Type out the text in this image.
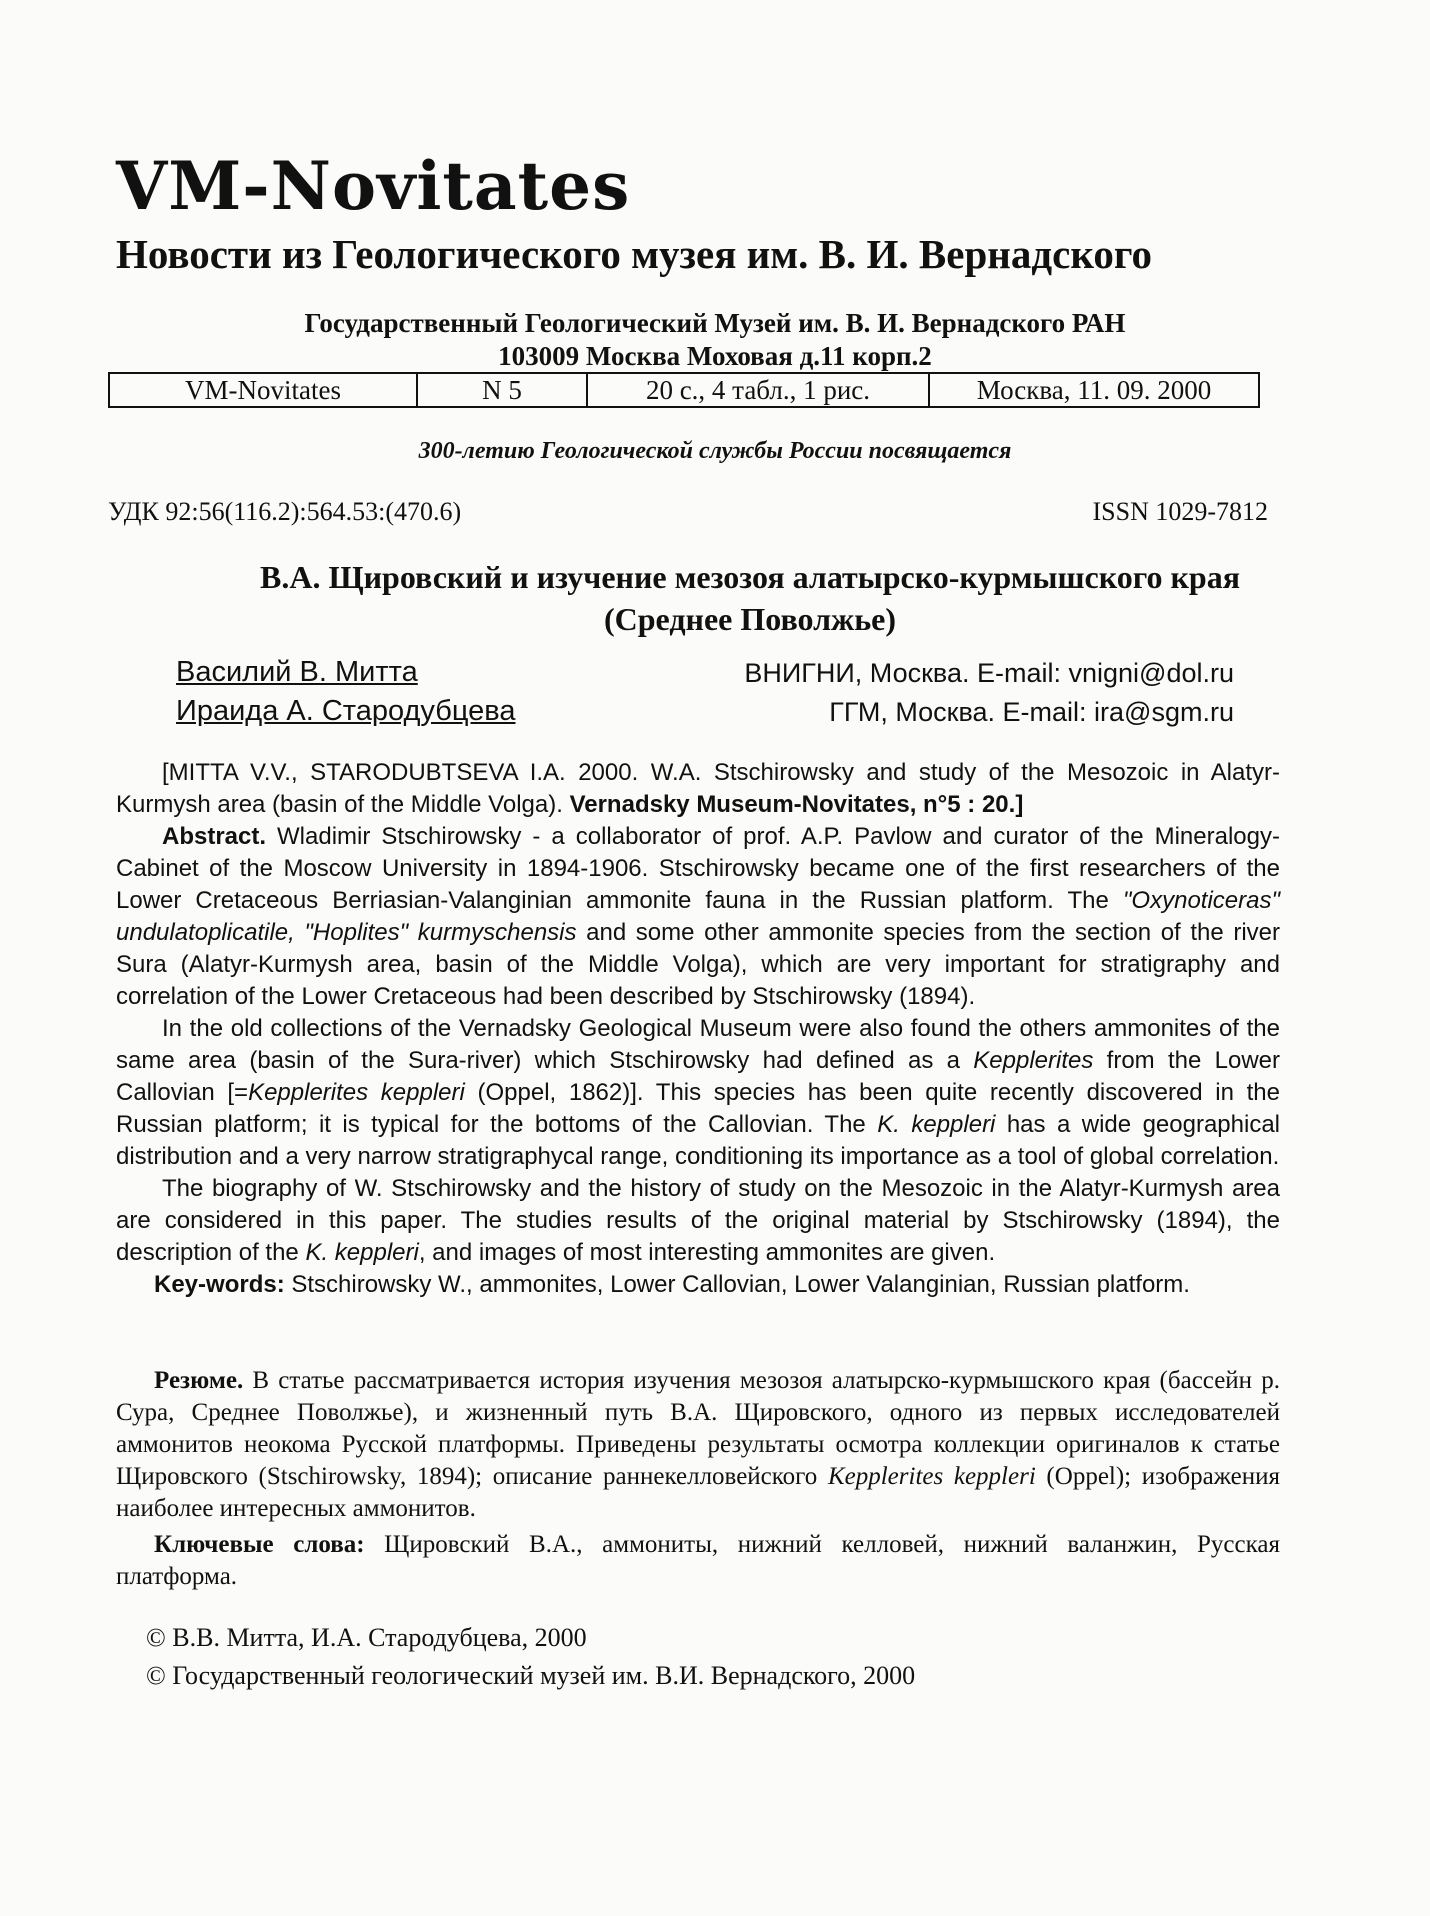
VM-Novitates
Новости из Геологического музея им. В. И. Вернадского
Государственный Геологический Музей им. В. И. Вернадского РАН
103009 Москва Моховая д.11 корп.2
VM-Novitates	N 5	20 с., 4 табл., 1 рис.	Москва, 11. 09. 2000
300-летию Геологической службы России посвящается
УДК 92:56(116.2):564.53:(470.6)	ISSN 1029-7812
В.А. Щировский и изучение мезозоя алатырско-курмышского края
(Среднее Поволжье)
Василий В. Митта	ВНИГНИ, Москва. E-mail: vnigni@dol.ru
Ираида А. Стародубцева	ГГМ, Москва. E-mail: ira@sgm.ru

[MITTA V.V., STARODUBTSEVA I.A. 2000. W.A. Stschirowsky and study of the Mesozoic in Alatyr-Kurmysh area (basin of the Middle Volga). Vernadsky Museum-Novitates, n°5 : 20.]

Abstract. Wladimir Stschirowsky - a collaborator of prof. A.P. Pavlow and curator of the Mineralogy-Cabinet of the Moscow University in 1894-1906. Stschirowsky became one of the first researchers of the Lower Cretaceous Berriasian-Valanginian ammonite fauna in the Russian platform. The "Oxynoticeras" undulatoplicatile, "Hoplites" kurmyschensis and some other ammonite species from the section of the river Sura (Alatyr-Kurmysh area, basin of the Middle Volga), which are very important for stratigraphy and correlation of the Lower Cretaceous had been described by Stschirowsky (1894).

In the old collections of the Vernadsky Geological Museum were also found the others ammonites of the same area (basin of the Sura-river) which Stschirowsky had defined as a Kepplerites from the Lower Callovian [=Kepplerites keppleri (Oppel, 1862)]. This species has been quite recently discovered in the Russian platform; it is typical for the bottoms of the Callovian. The K. keppleri has a wide geographical distribution and a very narrow stratigraphycal range, conditioning its importance as a tool of global correlation.

The biography of W. Stschirowsky and the history of study on the Mesozoic in the Alatyr-Kurmysh area are considered in this paper. The studies results of the original material by Stschirowsky (1894), the description of the K. keppleri, and images of most interesting ammonites are given.

Key-words: Stschirowsky W., ammonites, Lower Callovian, Lower Valanginian, Russian platform.

Резюме. В статье рассматривается история изучения мезозоя алатырско-курмышского края (бассейн р. Сура, Среднее Поволжье), и жизненный путь В.А. Щировского, одного из первых исследователей аммонитов неокома Русской платформы. Приведены результаты осмотра коллекции оригиналов к статье Щировского (Stschirowsky, 1894); описание раннекелловейского Kepplerites keppleri (Oppel); изображения наиболее интересных аммонитов.

Ключевые слова: Щировский В.А., аммониты, нижний келловей, нижний валанжин, Русская платформа.

© В.В. Митта, И.А. Стародубцева, 2000
© Государственный геологический музей им. В.И. Вернадского, 2000
